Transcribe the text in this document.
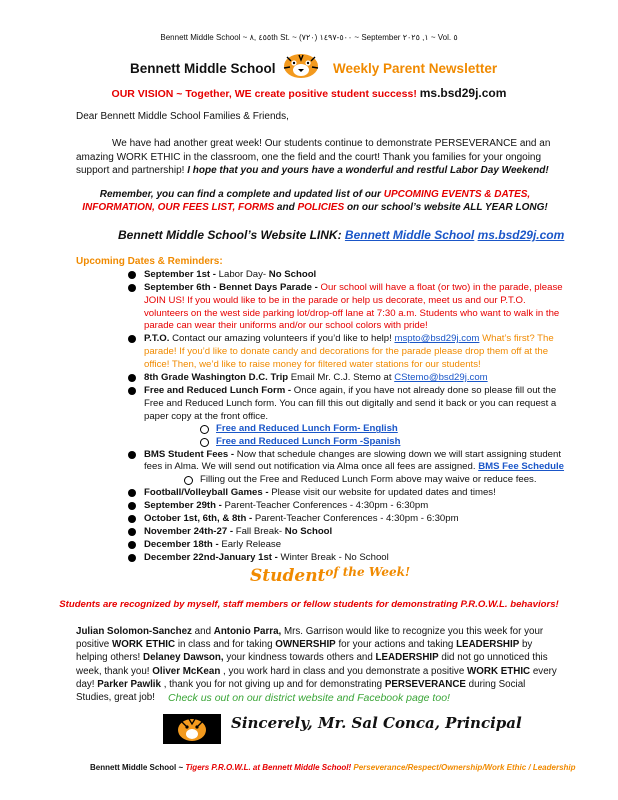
Bennett Middle School ~ ٤٥٥ ,٨th St. ~ (٧٢٠) ٥٠٠-١٤٩٧ ~ September ١, ٢٠٢٥ ~ Vol. ٥
Bennett Middle School	Weekly Parent Newsletter
OUR VISION ~ Together, WE create positive student success! ms.bsd29j.com
Dear Bennett Middle School Families & Friends,
We have had another great week! Our students continue to demonstrate PERSEVERANCE and an amazing WORK ETHIC in the classroom, one the field and the court! Thank you families for your ongoing support and partnership! I hope that you and yours have a wonderful and restful Labor Day Weekend!
Remember, you can find a complete and updated list of our UPCOMING EVENTS & DATES, INFORMATION, OUR FEES LIST, FORMS and POLICIES on our school’s website ALL YEAR LONG!
Bennett Middle School’s Website LINK: Bennett Middle School ms.bsd29j.com
Upcoming Dates & Reminders:
September 1st - Labor Day- No School
September 6th - Bennet Days Parade - Our school will have a float (or two) in the parade, please JOIN US! If you would like to be in the parade or help us decorate, meet us and our P.T.O. volunteers on the west side parking lot/drop-off lane at 7:30 a.m. Students who want to walk in the parade can wear their uniforms and/or our school colors with pride!
P.T.O. Contact our amazing volunteers if you’d like to help! mspto@bsd29j.com What’s first? The parade! If you’d like to donate candy and decorations for the parade please drop them off at the office! Then, we’d like to raise money for filtered water stations for our students!
8th Grade Washington D.C. Trip Email Mr. C.J. Stemo at CStemo@bsd29j.com
Free and Reduced Lunch Form - Once again, if you have not already done so please fill out the Free and Reduced Lunch form. You can fill this out digitally and send it back or you can request a paper copy at the front office.
Free and Reduced Lunch Form- English
Free and Reduced Lunch Form -Spanish
BMS Student Fees - Now that schedule changes are slowing down we will start assigning student fees in Alma. We will send out notification via Alma once all fees are assigned. BMS Fee Schedule
Filling out the Free and Reduced Lunch Form above may waive or reduce fees.
Football/Volleyball Games - Please visit our website for updated dates and times!
September 29th - Parent-Teacher Conferences - 4:30pm - 6:30pm
October 1st, 6th, & 8th - Parent-Teacher Conferences - 4:30pm - 6:30pm
November 24th-27 - Fall Break- No School
December 18th - Early Release
December 22nd-January 1st - Winter Break - No School
Student$^{of the Week!}$
Students are recognized by myself, staff members or fellow students for demonstrating P.R.O.W.L. behaviors!
Julian Solomon-Sanchez and Antonio Parra, Mrs. Garrison would like to recognize you this week for your positive WORK ETHIC in class and for taking OWNERSHIP for your actions and taking LEADERSHIP by helping others! Delaney Dawson, your kindness towards others and LEADERSHIP did not go unnoticed this week, thank you! Oliver McKean , you work hard in class and you demonstrate a positive WORK ETHIC every day! Parker Pawlik , thank you for not giving up and for demonstrating PERSEVERANCE during Social Studies, great job!	Check us out on our district website and Facebook page too!
Sincerely, Mr. Sal Conca, Principal
Bennett Middle School ~ Tigers P.R.O.W.L. at Bennett Middle School! Perseverance/Respect/Ownership/Work Ethic / Leadership
